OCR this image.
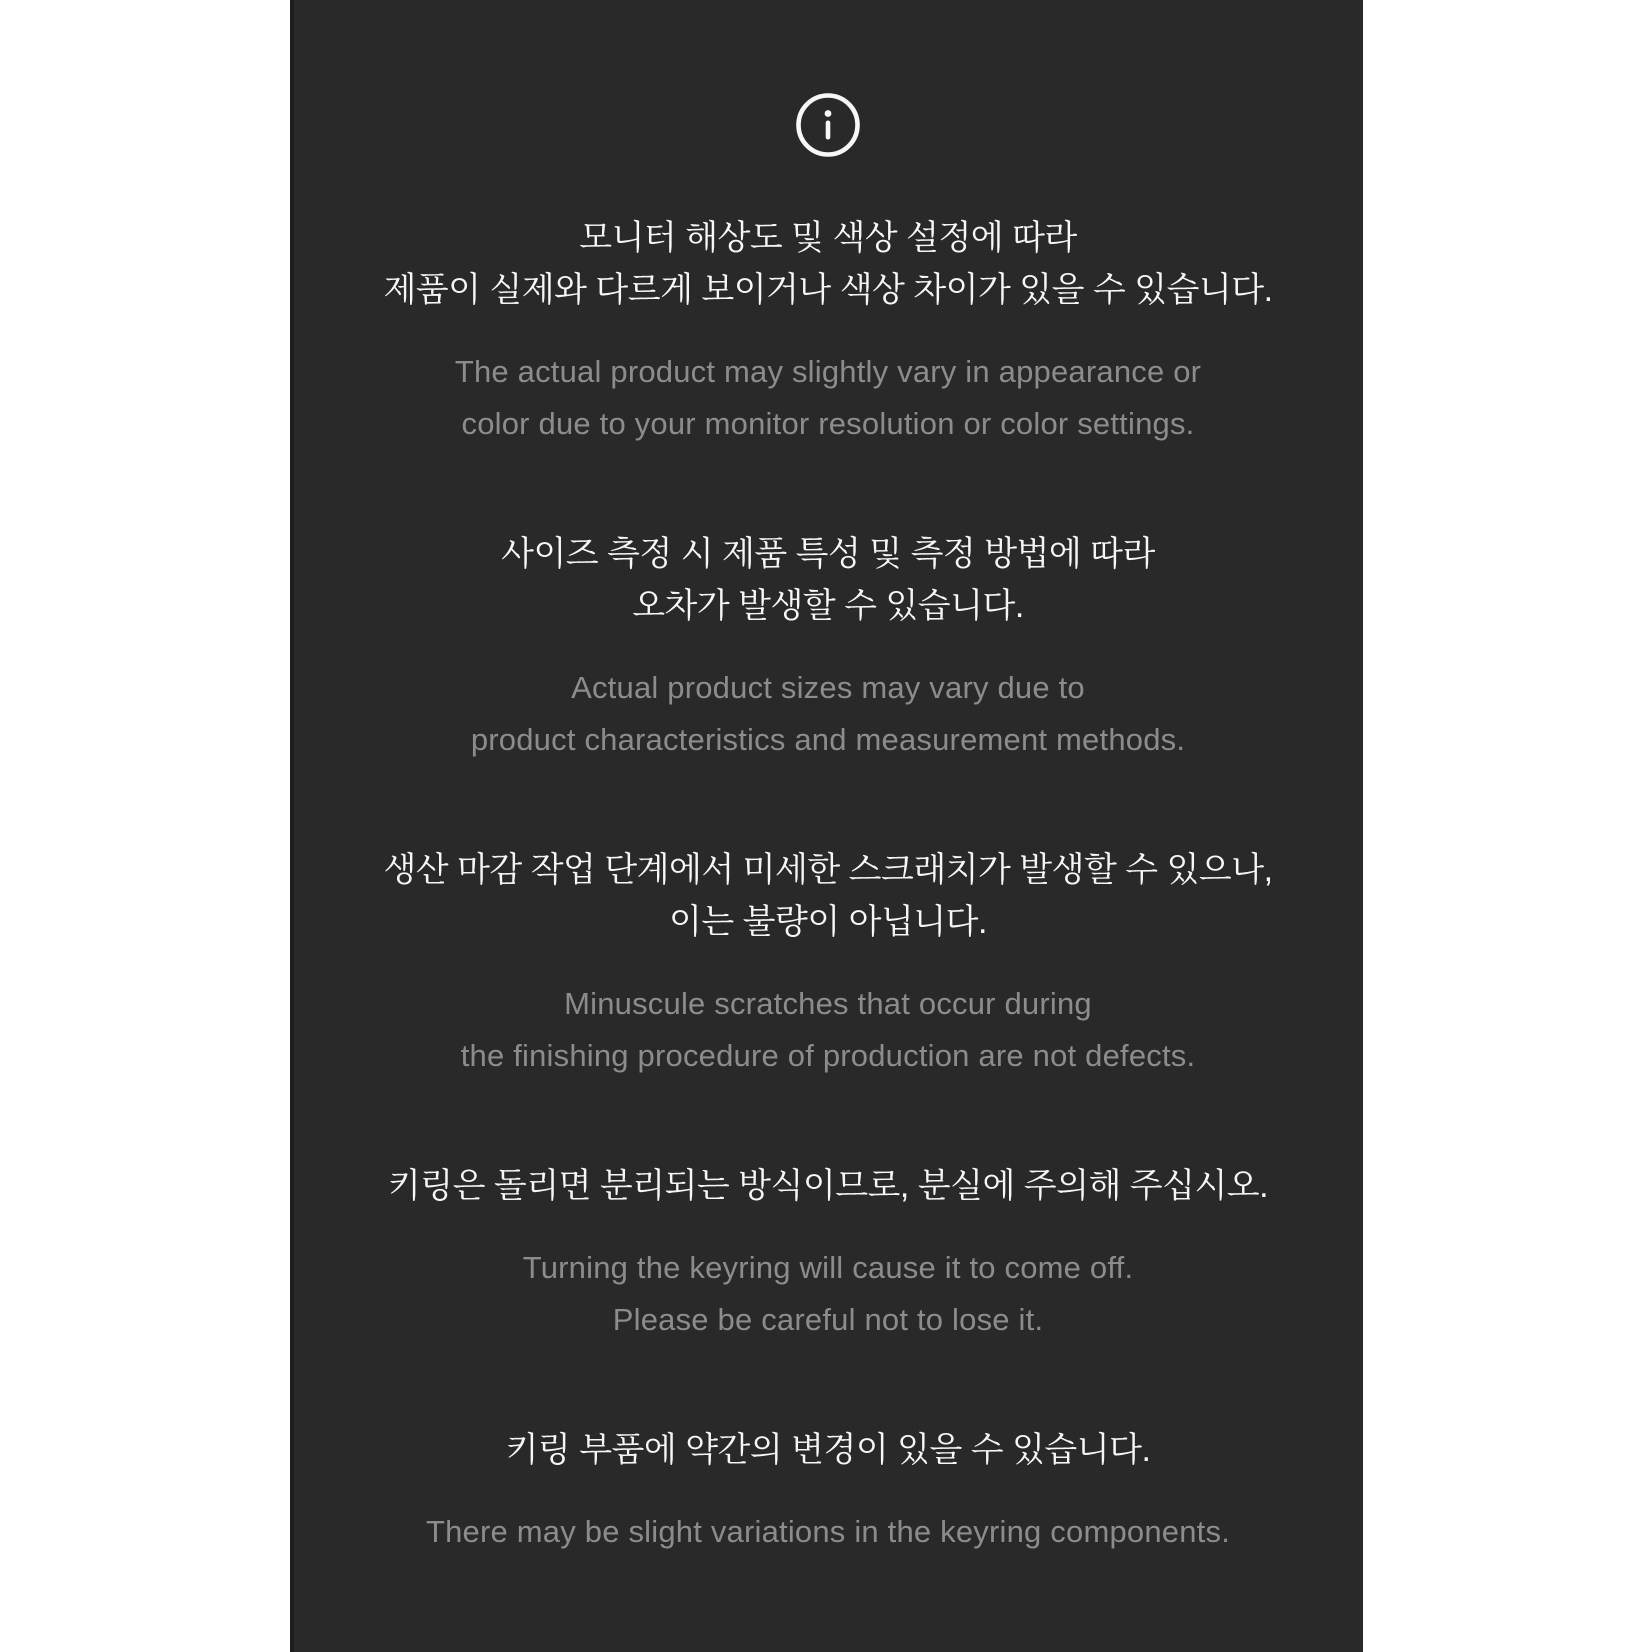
모니터 해상도 및 색상 설정에 따라
제품이 실제와 다르게 보이거나 색상 차이가 있을 수 있습니다.
The actual product may slightly vary in appearance or
color due to your monitor resolution or color settings.
사이즈 측정 시 제품 특성 및 측정 방법에 따라
오차가 발생할 수 있습니다.
Actual product sizes may vary due to
product characteristics and measurement methods.
생산 마감 작업 단계에서 미세한 스크래치가 발생할 수 있으나,
이는 불량이 아닙니다.
Minuscule scratches that occur during
the finishing procedure of production are not defects.
키링은 돌리면 분리되는 방식이므로, 분실에 주의해 주십시오.
Turning the keyring will cause it to come off.
Please be careful not to lose it.
키링 부품에 약간의 변경이 있을 수 있습니다.
There may be slight variations in the keyring components.
